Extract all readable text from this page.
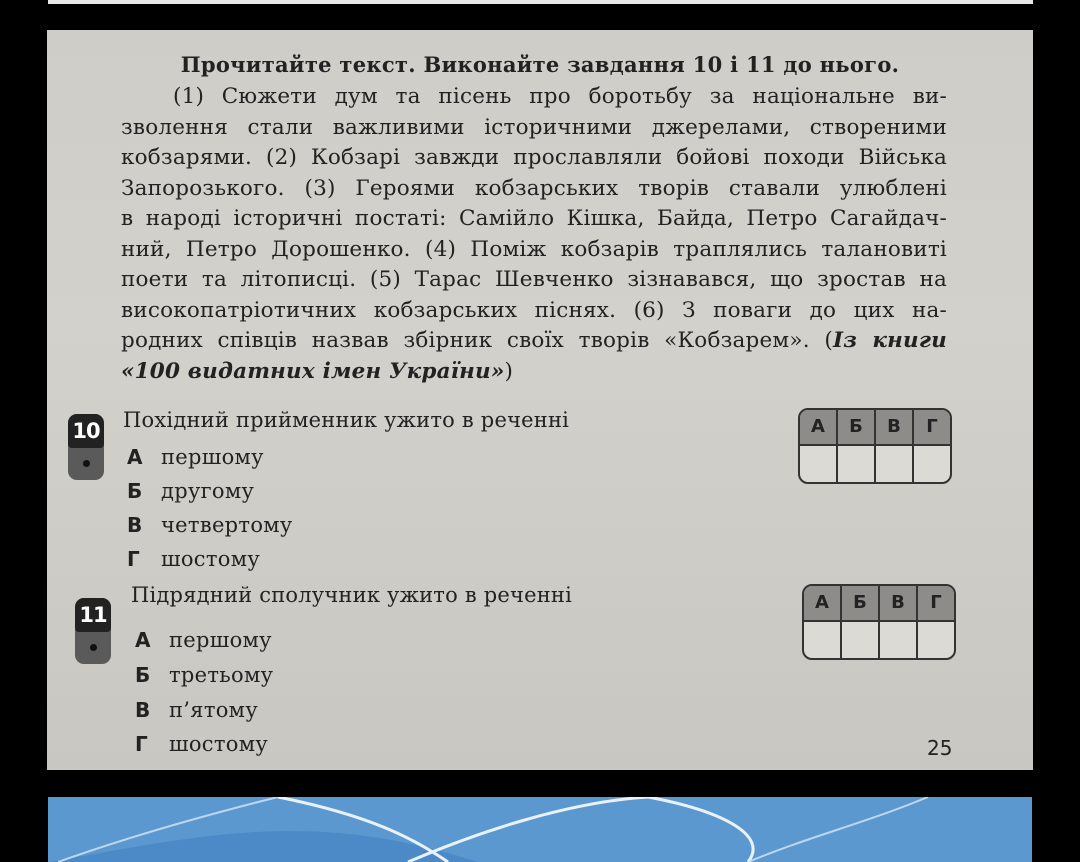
Прочитайте текст. Виконайте завдання 10 і 11 до нього.
(1) Сюжети дум та пісень про боротьбу за національне ви-
зволення стали важливими історичними джерелами, створеними
кобзарями. (2) Кобзарі завжди прославляли бойові походи Війська
Запорозького. (3) Героями кобзарських творів ставали улюблені
в народі історичні постаті: Самійло Кішка, Байда, Петро Сагайдач-
ний, Петро Дорошенко. (4) Поміж кобзарів траплялись талановиті
поети та літописці. (5) Тарас Шевченко зізнавався, що зростав на
високопатріотичних кобзарських піснях. (6) З поваги до цих на-
родних співців назвав збірник своїх творів «Кобзарем». (Із книги
«100 видатних імен України»)
10 Похідний прийменник ужито в реченні
А першому
Б другому
В четвертому
Г шостому
А	Б	В	Г
11
Підрядний сполучник ужито в реченні
А першому
Б третьому
В п’ятому
Г шостому
А	Б	В	Г
25
